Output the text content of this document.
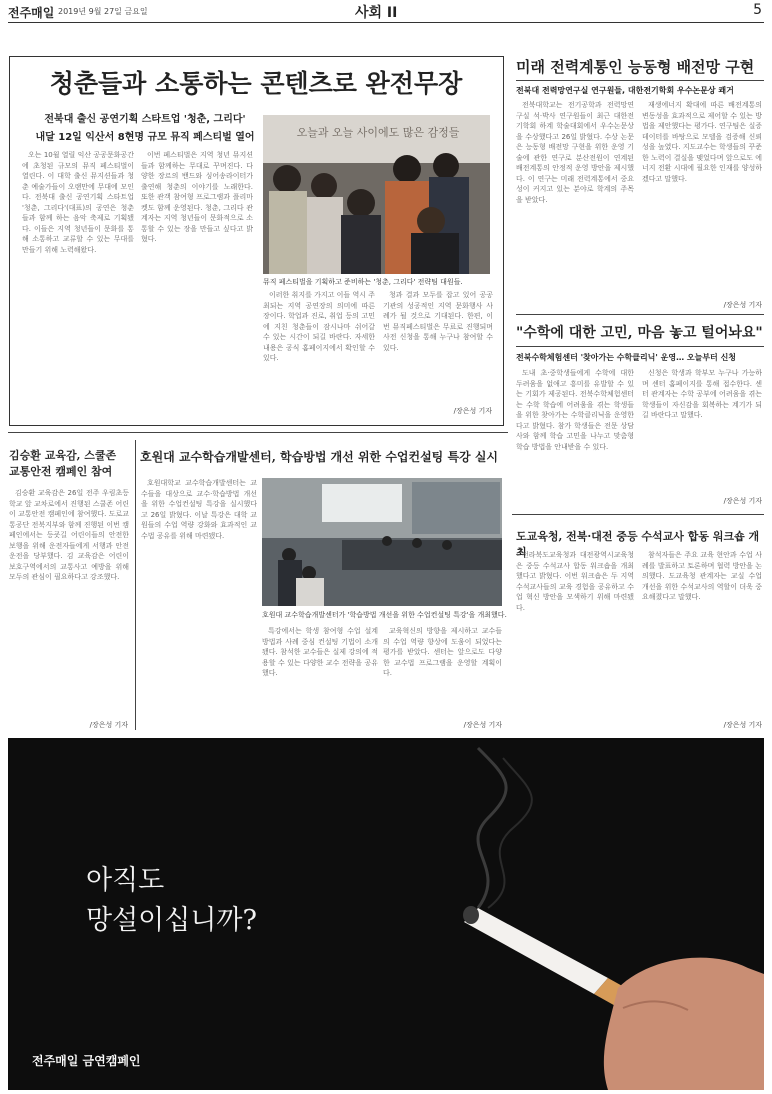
전주매일 2019년 9월 27일 금요일	사회 II	5
청춘들과 소통하는 콘텐츠로 완전무장
전북대 출신 공연기획 스타트업 '청춘, 그리다'
내달 12일 익산서 8현명 규모 뮤직 페스티벌 열어	오늘과 오늘 사이에도 많은 감정들
뮤직 페스티벌을 기획하고 준비하는 '청춘, 그리다' 전략팀 대원들.

오는 10월 열릴 익산 공공문화공간에 초청된 규모의 뮤직 페스티벌이 열린다. 이 대학 출신 뮤지션들과 청춘 예술가들이 오랜만에 무대에 모인다. 전북대 출신 공연기획 스타트업 '청춘, 그리다'(대표)의 공연은 청춘들과 함께 하는 음악 축제로 기획됐다. 이들은 지역 청년들이 문화를 통해 소통하고 교류할 수 있는 무대를 만들기 위해 노력해왔다.

이번 페스티벌은 지역 청년 뮤지션들과 함께하는 무대로 꾸며진다. 다양한 장르의 밴드와 싱어송라이터가 출연해 청춘의 이야기를 노래한다. 또한 관객 참여형 프로그램과 플리마켓도 함께 운영된다. 청춘, 그리다 관계자는 지역 청년들이 문화적으로 소통할 수 있는 장을 만들고 싶다고 밝혔다.

이러한 취지를 가지고 이들 역시 주최되는 지역 공연장의 의미에 따른 장이다. 학업과 진로, 취업 등의 고민에 지친 청춘들이 잠시나마 쉬어갈 수 있는 시간이 되길 바란다. 자세한 내용은 공식 홈페이지에서 확인할 수 있다.

청과 결과 모두를 잡고 있어 공공기관의 성공적인 지역 문화행사 사례가 될 것으로 기대된다. 한편, 이번 뮤직페스티벌은 무료로 진행되며 사전 신청을 통해 누구나 참여할 수 있다.

/장은성 기자
미래 전력계통인 능동형 배전망 구현
전북대 전력망연구실 연구원들, 대한전기학회 우수논문상 쾌거

전북대학교는 전기공학과 전력망연구실 석·박사 연구원들이 최근 대한전기학회 하계 학술대회에서 우수논문상을 수상했다고 26일 밝혔다. 수상 논문은 능동형 배전망 구현을 위한 운영 기술에 관한 연구로 분산전원이 연계된 배전계통의 안정적 운영 방안을 제시했다. 이 연구는 미래 전력계통에서 중요성이 커지고 있는 분야로 학계의 주목을 받았다.

재생에너지 확대에 따른 배전계통의 변동성을 효과적으로 제어할 수 있는 방법을 제안했다는 평가다. 연구팀은 실증 데이터를 바탕으로 모델을 검증해 신뢰성을 높였다. 지도교수는 학생들의 꾸준한 노력이 결실을 맺었다며 앞으로도 에너지 전환 시대에 필요한 인재를 양성하겠다고 말했다.

/장은성 기자
"수학에 대한 고민, 마음 놓고 털어놔요"
전북수학체험센터 '찾아가는 수학클리닉' 운영… 오늘부터 신청

도내 초·중학생들에게 수학에 대한 두려움을 없애고 흥미를 유발할 수 있는 기회가 제공된다. 전북수학체험센터는 수학 학습에 어려움을 겪는 학생들을 위한 찾아가는 수학클리닉을 운영한다고 밝혔다. 참가 학생들은 전문 상담사와 함께 학습 고민을 나누고 맞춤형 학습 방법을 안내받을 수 있다.

신청은 학생과 학부모 누구나 가능하며 센터 홈페이지를 통해 접수한다. 센터 관계자는 수학 공부에 어려움을 겪는 학생들이 자신감을 회복하는 계기가 되길 바란다고 말했다.

/장은성 기자
김승환 교육감, 스쿨존 교통안전 캠페인 참여

김승환 교육감은 26일 전주 우림초등학교 앞 교차로에서 진행된 스쿨존 어린이 교통안전 캠페인에 참여했다. 도로교통공단 전북지부와 함께 진행된 이번 캠페인에서는 등굣길 어린이들의 안전한 보행을 위해 운전자들에게 서행과 안전운전을 당부했다. 김 교육감은 어린이 보호구역에서의 교통사고 예방을 위해 모두의 관심이 필요하다고 강조했다.

/장은성 기자
호원대 교수학습개발센터, 학습방법 개선 위한 수업컨설팅 특강 실시
호원대 교수학습개발센터가 '학습방법 개선을 위한 수업컨설팅 특강'을 개최했다.

호원대학교 교수학습개발센터는 교수들을 대상으로 교수·학습방법 개선을 위한 수업컨설팅 특강을 실시했다고 26일 밝혔다. 이날 특강은 대학 교원들의 수업 역량 강화와 효과적인 교수법 공유를 위해 마련됐다.

특강에서는 학생 참여형 수업 설계 방법과 사례 중심 컨설팅 기법이 소개됐다. 참석한 교수들은 실제 강의에 적용할 수 있는 다양한 교수 전략을 공유했다.

교육혁신의 방향을 제시하고 교수들의 수업 역량 향상에 도움이 되었다는 평가를 받았다. 센터는 앞으로도 다양한 교수법 프로그램을 운영할 계획이다.

/장은성 기자
도교육청, 전북·대전 중등 수석교사 합동 워크숍 개최

전라북도교육청과 대전광역시교육청은 중등 수석교사 합동 워크숍을 개최했다고 밝혔다. 이번 워크숍은 두 지역 수석교사들의 교육 경험을 공유하고 수업 혁신 방안을 모색하기 위해 마련됐다.

참석자들은 주요 교육 현안과 수업 사례를 발표하고 토론하며 협력 방안을 논의했다. 도교육청 관계자는 교실 수업 개선을 위한 수석교사의 역할이 더욱 중요해졌다고 말했다.

/장은성 기자
아직도
망설이십니까?
전주매일 금연캠페인
